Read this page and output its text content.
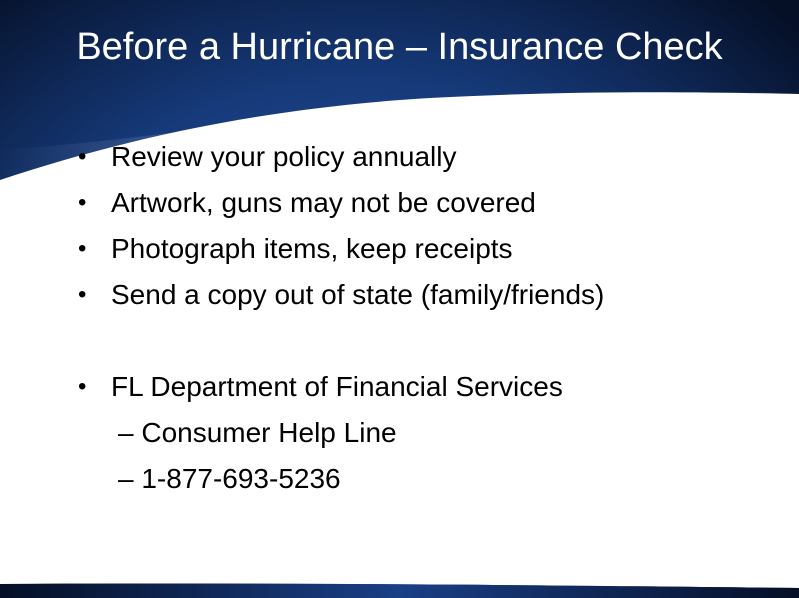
Before a Hurricane – Insurance Check
• Review your policy annually
• Artwork, guns may not be covered
• Photograph items, keep receipts
• Send a copy out of state (family/friends)
• FL Department of Financial Services
– Consumer Help Line
– 1-877-693-5236
